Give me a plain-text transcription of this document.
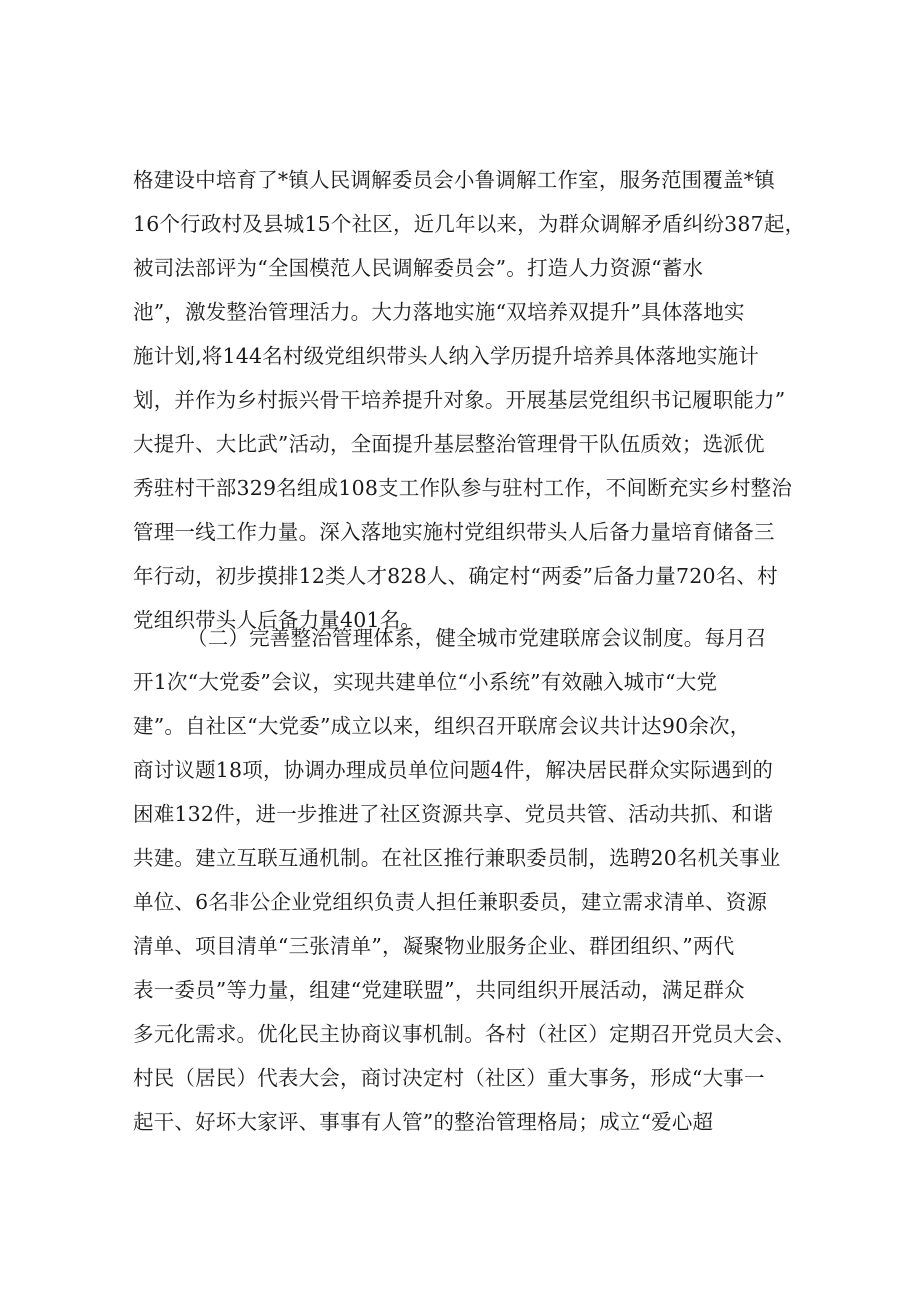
格建设中培育了*镇人民调解委员会小鲁调解工作室，服务范围覆盖*镇
16个行政村及县城15个社区，近几年以来，为群众调解矛盾纠纷387起，
被司法部评为“全国模范人民调解委员会”。打造人力资源“蓄水
池”，激发整治管理活力。大力落地实施“双培养双提升”具体落地实
施计划,将144名村级党组织带头人纳入学历提升培养具体落地实施计
划，并作为乡村振兴骨干培养提升对象。开展基层党组织书记履职能力”
大提升、大比武”活动，全面提升基层整治管理骨干队伍质效；选派优
秀驻村干部329名组成108支工作队参与驻村工作，不间断充实乡村整治
管理一线工作力量。深入落地实施村党组织带头人后备力量培育储备三
年行动，初步摸排12类人才828人、确定村“两委”后备力量720名、村
党组织带头人后备力量401名。
（二）完善整治管理体系，健全城市党建联席会议制度。每月召
开1次“大党委”会议，实现共建单位“小系统”有效融入城市“大党
建”。自社区“大党委”成立以来，组织召开联席会议共计达90余次，
商讨议题18项，协调办理成员单位问题4件，解决居民群众实际遇到的
困难132件，进一步推进了社区资源共享、党员共管、活动共抓、和谐
共建。建立互联互通机制。在社区推行兼职委员制，选聘20名机关事业
单位、6名非公企业党组织负责人担任兼职委员，建立需求清单、资源
清单、项目清单“三张清单”，凝聚物业服务企业、群团组织、”两代
表一委员”等力量，组建“党建联盟”，共同组织开展活动，满足群众
多元化需求。优化民主协商议事机制。各村（社区）定期召开党员大会、
村民（居民）代表大会，商讨决定村（社区）重大事务，形成“大事一
起干、好坏大家评、事事有人管”的整治管理格局；成立“爱心超
